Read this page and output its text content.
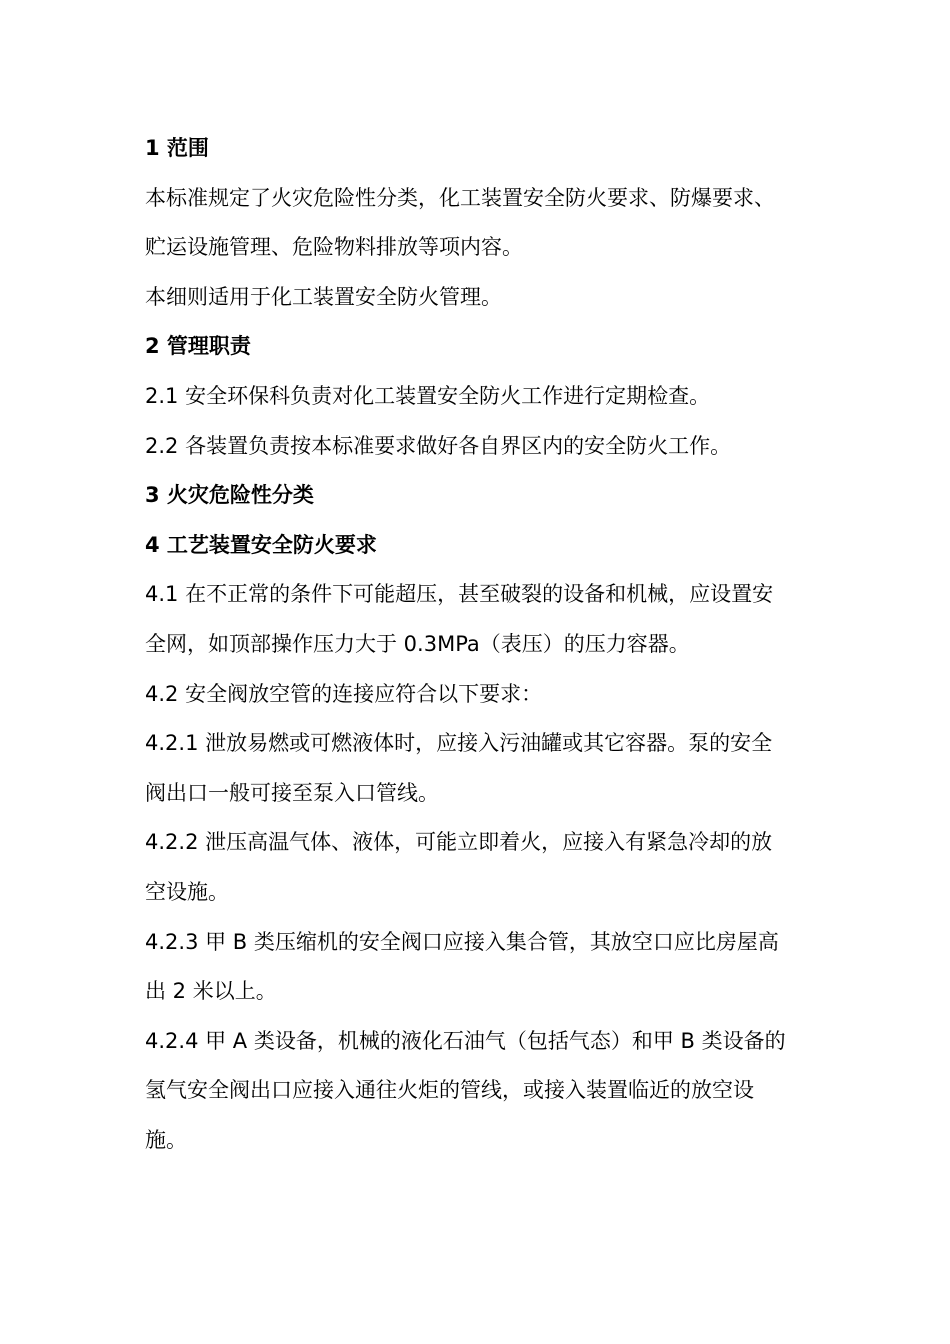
1 范围
本标准规定了火灾危险性分类，化工装置安全防火要求、防爆要求、
贮运设施管理、危险物料排放等项内容。
本细则适用于化工装置安全防火管理。
2 管理职责
2.1 安全环保科负责对化工装置安全防火工作进行定期检查。
2.2 各装置负责按本标准要求做好各自界区内的安全防火工作。
3 火灾危险性分类
4 工艺装置安全防火要求
4.1 在不正常的条件下可能超压，甚至破裂的设备和机械，应设置安
全网，如顶部操作压力大于 0.3MPa（表压）的压力容器。
4.2 安全阀放空管的连接应符合以下要求：
4.2.1 泄放易燃或可燃液体时，应接入污油罐或其它容器。泵的安全
阀出口一般可接至泵入口管线。
4.2.2 泄压高温气体、液体，可能立即着火，应接入有紧急冷却的放
空设施。
4.2.3 甲 B 类压缩机的安全阀口应接入集合管，其放空口应比房屋高
出 2 米以上。
4.2.4 甲 A 类设备，机械的液化石油气（包括气态）和甲 B 类设备的
氢气安全阀出口应接入通往火炬的管线，或接入装置临近的放空设
施。
